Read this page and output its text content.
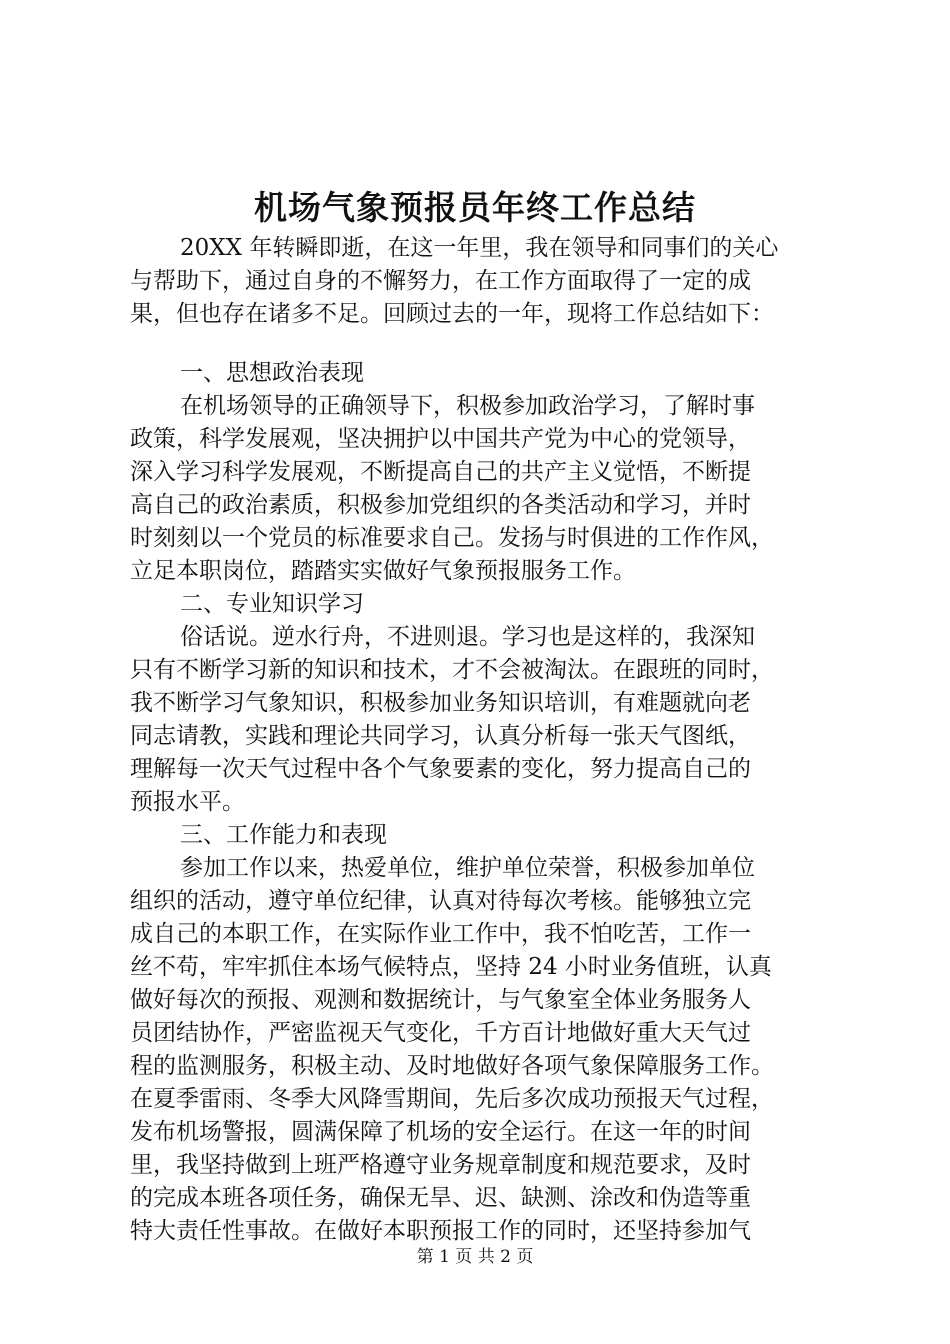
机场气象预报员年终工作总结
20XX 年转瞬即逝，在这一年里，我在领导和同事们的关心
与帮助下，通过自身的不懈努力，在工作方面取得了一定的成
果，但也存在诸多不足。回顾过去的一年，现将工作总结如下：
一、思想政治表现
在机场领导的正确领导下，积极参加政治学习，了解时事
政策，科学发展观，坚决拥护以中国共产党为中心的党领导，
深入学习科学发展观，不断提高自己的共产主义觉悟，不断提
高自己的政治素质，积极参加党组织的各类活动和学习，并时
时刻刻以一个党员的标准要求自己。发扬与时俱进的工作作风，
立足本职岗位，踏踏实实做好气象预报服务工作。
二、专业知识学习
俗话说。逆水行舟，不进则退。学习也是这样的，我深知
只有不断学习新的知识和技术，才不会被淘汰。在跟班的同时，
我不断学习气象知识，积极参加业务知识培训，有难题就向老
同志请教，实践和理论共同学习，认真分析每一张天气图纸，
理解每一次天气过程中各个气象要素的变化，努力提高自己的
预报水平。
三、工作能力和表现
参加工作以来，热爱单位，维护单位荣誉，积极参加单位
组织的活动，遵守单位纪律，认真对待每次考核。能够独立完
成自己的本职工作，在实际作业工作中，我不怕吃苦，工作一
丝不苟，牢牢抓住本场气候特点，坚持 24 小时业务值班，认真
做好每次的预报、观测和数据统计，与气象室全体业务服务人
员团结协作，严密监视天气变化，千方百计地做好重大天气过
程的监测服务，积极主动、及时地做好各项气象保障服务工作。
在夏季雷雨、冬季大风降雪期间，先后多次成功预报天气过程，
发布机场警报，圆满保障了机场的安全运行。在这一年的时间
里，我坚持做到上班严格遵守业务规章制度和规范要求，及时
的完成本班各项任务，确保无旱、迟、缺测、涂改和伪造等重
特大责任性事故。在做好本职预报工作的同时，还坚持参加气
第 1 页 共 2 页
